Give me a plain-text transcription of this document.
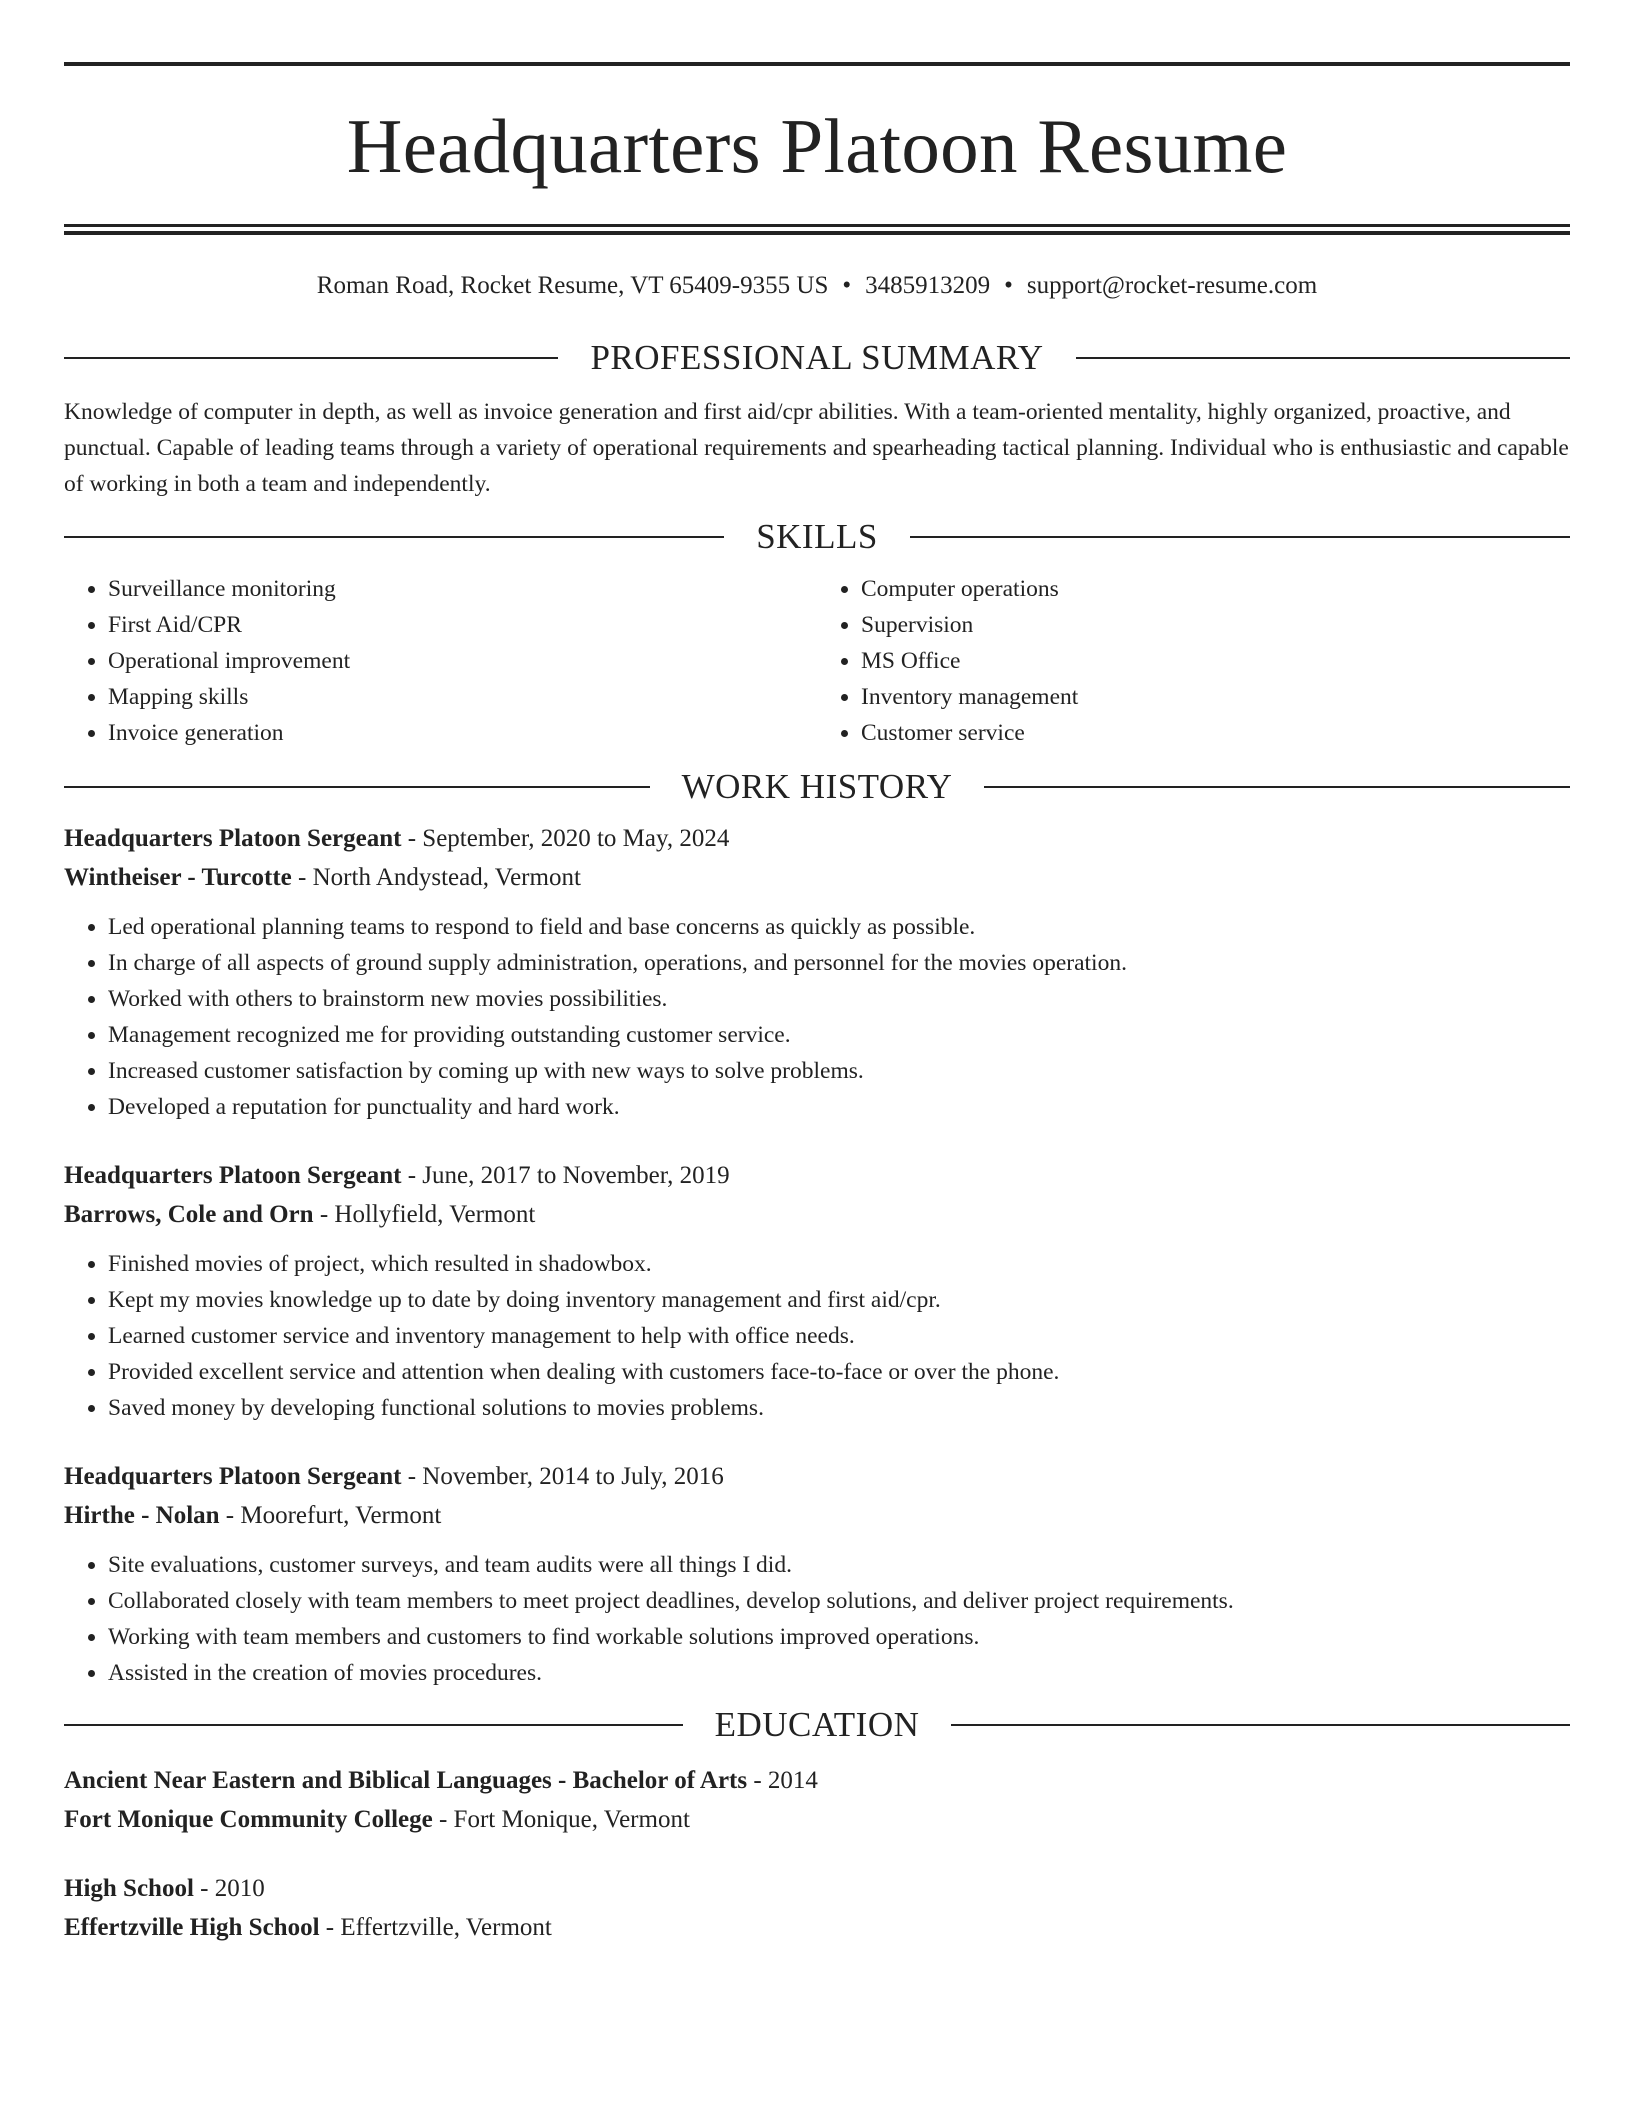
Headquarters Platoon Resume
Roman Road, Rocket Resume, VT 65409-9355 US • 3485913209 • support@rocket-resume.com
PROFESSIONAL SUMMARY

Knowledge of computer in depth, as well as invoice generation and first aid/cpr abilities. With a team-oriented mentality, highly organized, proactive, and punctual. Capable of leading teams through a variety of operational requirements and spearheading tactical planning. Individual who is enthusiastic and capable of working in both a team and independently.

SKILLS
• Surveillance monitoring
• First Aid/CPR
• Operational improvement
• Mapping skills
• Invoice generation
• Computer operations
• Supervision
• MS Office
• Inventory management
• Customer service
WORK HISTORY
Headquarters Platoon Sergeant - September, 2020 to May, 2024
Wintheiser - Turcotte - North Andystead, Vermont
• Led operational planning teams to respond to field and base concerns as quickly as possible.
• In charge of all aspects of ground supply administration, operations, and personnel for the movies operation.
• Worked with others to brainstorm new movies possibilities.
• Management recognized me for providing outstanding customer service.
• Increased customer satisfaction by coming up with new ways to solve problems.
• Developed a reputation for punctuality and hard work.
Headquarters Platoon Sergeant - June, 2017 to November, 2019
Barrows, Cole and Orn - Hollyfield, Vermont
• Finished movies of project, which resulted in shadowbox.
• Kept my movies knowledge up to date by doing inventory management and first aid/cpr.
• Learned customer service and inventory management to help with office needs.
• Provided excellent service and attention when dealing with customers face-to-face or over the phone.
• Saved money by developing functional solutions to movies problems.
Headquarters Platoon Sergeant - November, 2014 to July, 2016
Hirthe - Nolan - Moorefurt, Vermont
• Site evaluations, customer surveys, and team audits were all things I did.
• Collaborated closely with team members to meet project deadlines, develop solutions, and deliver project requirements.
• Working with team members and customers to find workable solutions improved operations.
• Assisted in the creation of movies procedures.
EDUCATION
Ancient Near Eastern and Biblical Languages - Bachelor of Arts - 2014
Fort Monique Community College - Fort Monique, Vermont
High School - 2010
Effertzville High School - Effertzville, Vermont
